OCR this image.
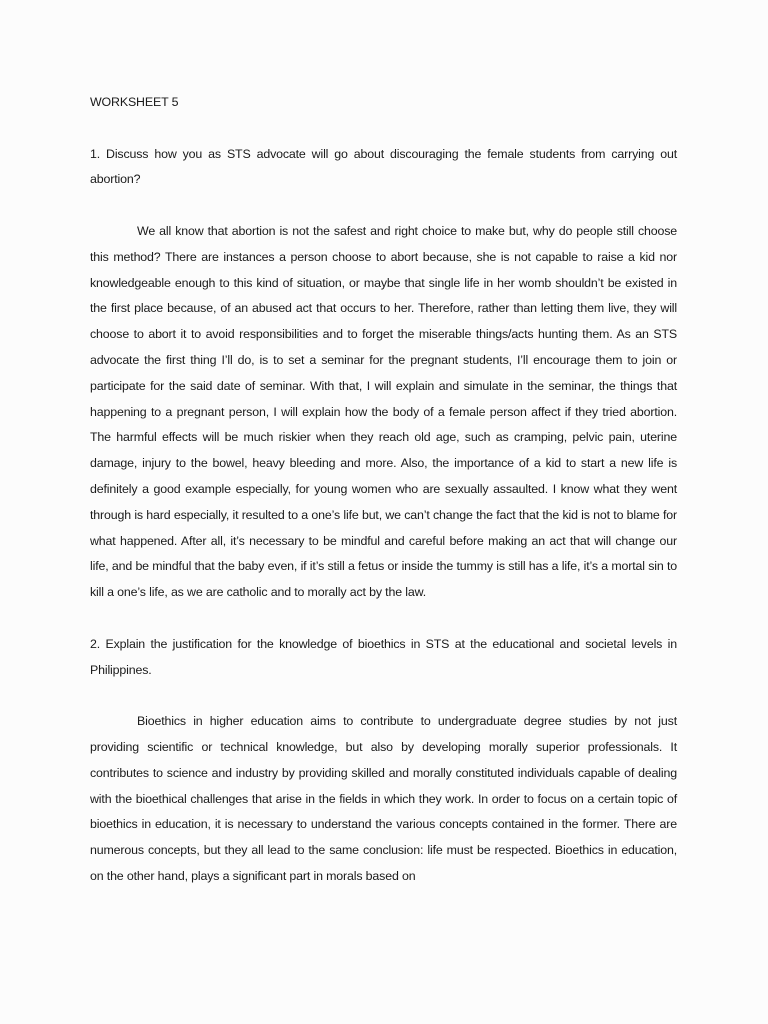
WORKSHEET 5

1. Discuss how you as STS advocate will go about discouraging the female students from carrying out abortion?

We all know that abortion is not the safest and right choice to make but, why do people still choose this method? There are instances a person choose to abort because, she is not capable to raise a kid nor knowledgeable enough to this kind of situation, or maybe that single life in her womb shouldn’t be existed in the first place because, of an abused act that occurs to her. Therefore, rather than letting them live, they will choose to abort it to avoid responsibilities and to forget the miserable things/acts hunting them. As an STS advocate the first thing I’ll do, is to set a seminar for the pregnant students, I’ll encourage them to join or participate for the said date of seminar. With that, I will explain and simulate in the seminar, the things that happening to a pregnant person, I will explain how the body of a female person affect if they tried abortion. The harmful effects will be much riskier when they reach old age, such as cramping, pelvic pain, uterine damage, injury to the bowel, heavy bleeding and more. Also, the importance of a kid to start a new life is definitely a good example especially, for young women who are sexually assaulted. I know what they went through is hard especially, it resulted to a one’s life but, we can’t change the fact that the kid is not to blame for what happened. After all, it’s necessary to be mindful and careful before making an act that will change our life, and be mindful that the baby even, if it’s still a fetus or inside the tummy is still has a life, it’s a mortal sin to kill a one’s life, as we are catholic and to morally act by the law.

2. Explain the justification for the knowledge of bioethics in STS at the educational and societal levels in Philippines.

Bioethics in higher education aims to contribute to undergraduate degree studies by not just providing scientific or technical knowledge, but also by developing morally superior professionals. It contributes to science and industry by providing skilled and morally constituted individuals capable of dealing with the bioethical challenges that arise in the fields in which they work. In order to focus on a certain topic of bioethics in education, it is necessary to understand the various concepts contained in the former. There are numerous concepts, but they all lead to the same conclusion: life must be respected. Bioethics in education, on the other hand, plays a significant part in morals based on
